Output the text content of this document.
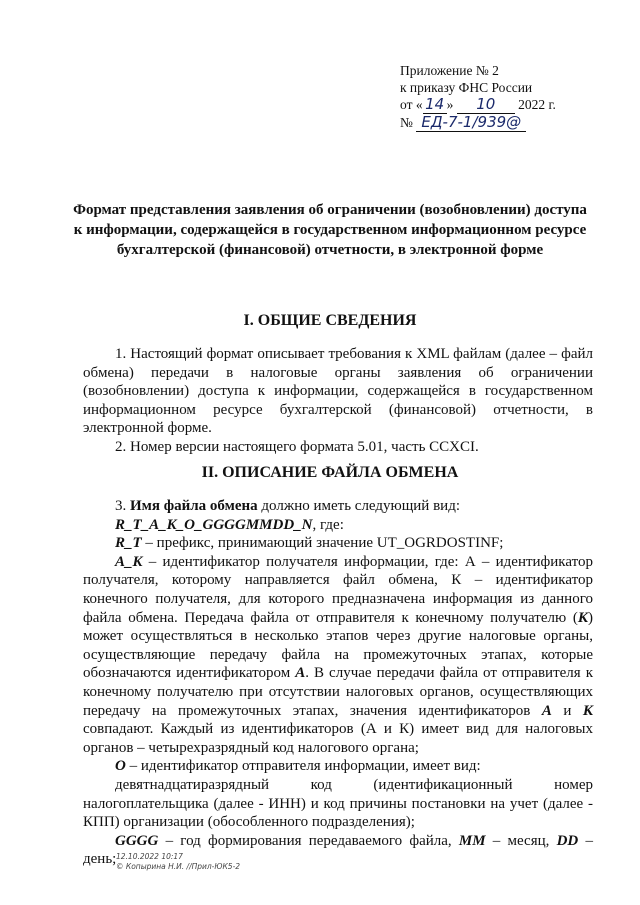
Приложение № 2
к приказу ФНС России
от « 14 » 10 2022 г.
№ ЕД-7-1/939@
Формат представления заявления об ограничении (возобновлении) доступа к информации, содержащейся в государственном информационном ресурсе бухгалтерской (финансовой) отчетности, в электронной форме
I. ОБЩИЕ СВЕДЕНИЯ

1. Настоящий формат описывает требования к XML файлам (далее – файл обмена) передачи в налоговые органы заявления об ограничении (возобновлении) доступа к информации, содержащейся в государственном информационном ресурсе бухгалтерской (финансовой) отчетности, в электронной форме.

2. Номер версии настоящего формата 5.01, часть CCXCI.

II. ОПИСАНИЕ ФАЙЛА ОБМЕНА

3. Имя файла обмена должно иметь следующий вид:

R_T_A_K_O_GGGGMMDD_N, где:

R_T – префикс, принимающий значение UT_OGRDOSTINF;

A_K – идентификатор получателя информации, где: А – идентификатор получателя, которому направляется файл обмена, К – идентификатор конечного получателя, для которого предназначена информация из данного файла обмена. Передача файла от отправителя к конечному получателю (К) может осуществляться в несколько этапов через другие налоговые органы, осуществляющие передачу файла на промежуточных этапах, которые обозначаются идентификатором А. В случае передачи файла от отправителя к конечному получателю при отсутствии налоговых органов, осуществляющих передачу на промежуточных этапах, значения идентификаторов А и К совпадают. Каждый из идентификаторов (А и К) имеет вид для налоговых органов – четырехразрядный код налогового органа;

O – идентификатор отправителя информации, имеет вид:

девятнадцатиразрядный код (идентификационный номер налогоплательщика (далее - ИНН) и код причины постановки на учет (далее - КПП) организации (обособленного подразделения);

GGGG – год формирования передаваемого файла, MM – месяц, DD – день; 12.10.2022 10:17
© Копырина Н.И. //Прил-ЮК5-2
